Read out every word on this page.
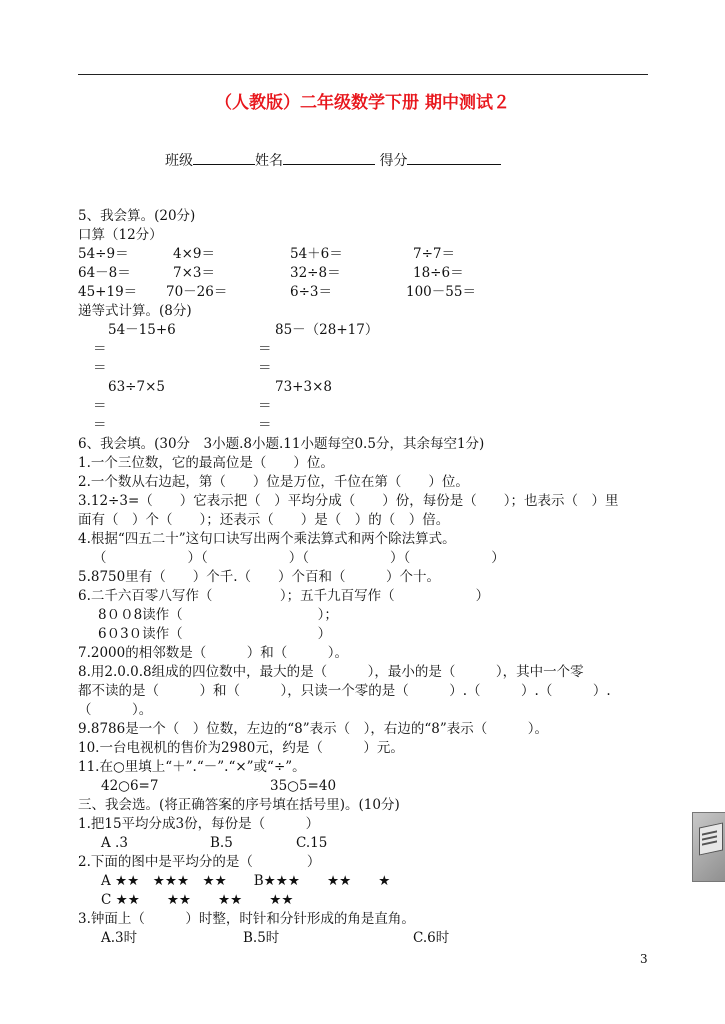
（人教版）二年级数学下册 期中测试２
班级	姓名	得分
5、我会算。(20分)
口算（12分）
54÷9＝	4×9＝	54＋6＝	7÷7＝
64－8＝	7×3＝	32÷8＝	18÷6＝
45+19＝ 70－26＝	6÷3＝	100－55＝
递等式计算。(8分)
54－15+6	85－（28+17）
＝	＝
＝	＝
63÷7×5	73+3×8
＝	＝
＝	＝
6、我会填。(30分　3小题.8小题.11小题每空0.5分，其余每空1分)
1.一个三位数，它的最高位是（　　）位。
2.一个数从右边起，第（　　）位是万位，千位在第（　　）位。
3.12÷3=（　　）它表示把（　）平均分成（　　）份，每份是（　　）；也表示（　）里
面有（　）个（　　）；还表示（　　）是（　）的（　）倍。
4.根据“四五二十”这句口诀写出两个乘法算式和两个除法算式。
（　　　　　　）（　　　　　　）（　　　　　　）（　　　　　　）
5.8750里有（　　）个千.（　　）个百和（　　　）个十。
6.二千六百零八写作（　　　　　）；五千九百写作（　　　　　　）
8００8读作（　　　　　　　　　　）；
6０3０读作（　　　　　　　　　　）
7.2000的相邻数是（　　　）和（　　　）。
8.用2.0.0.8组成的四位数中，最大的是（　　　），最小的是（　　　），其中一个零
都不读的是（　　　）和（　　　），只读一个零的是（　　　）.（　　　）.（　　　）.
（　　　）。
9.8786是一个（　）位数，左边的“8”表示（　），右边的“8”表示（　　　）。
10.一台电视机的售价为2980元，约是（　　　）元。
11.在○里填上“＋”.“－”.“×”或“÷”。
42○6=7	35○5=40
三、我会选。(将正确答案的序号填在括号里)。(10分)
1.把15平均分成3份，每份是（　　　）
A .3	B.5	C.15
2.下面的图中是平均分的是（　　　　）
A ★★　★★★　★★　　B★★★　　★★　　★
C ★★　　★★　　★★　　★★
3.钟面上（　　　）时整，时针和分针形成的角是直角。
A.3时	B.5时	C.6时
3
